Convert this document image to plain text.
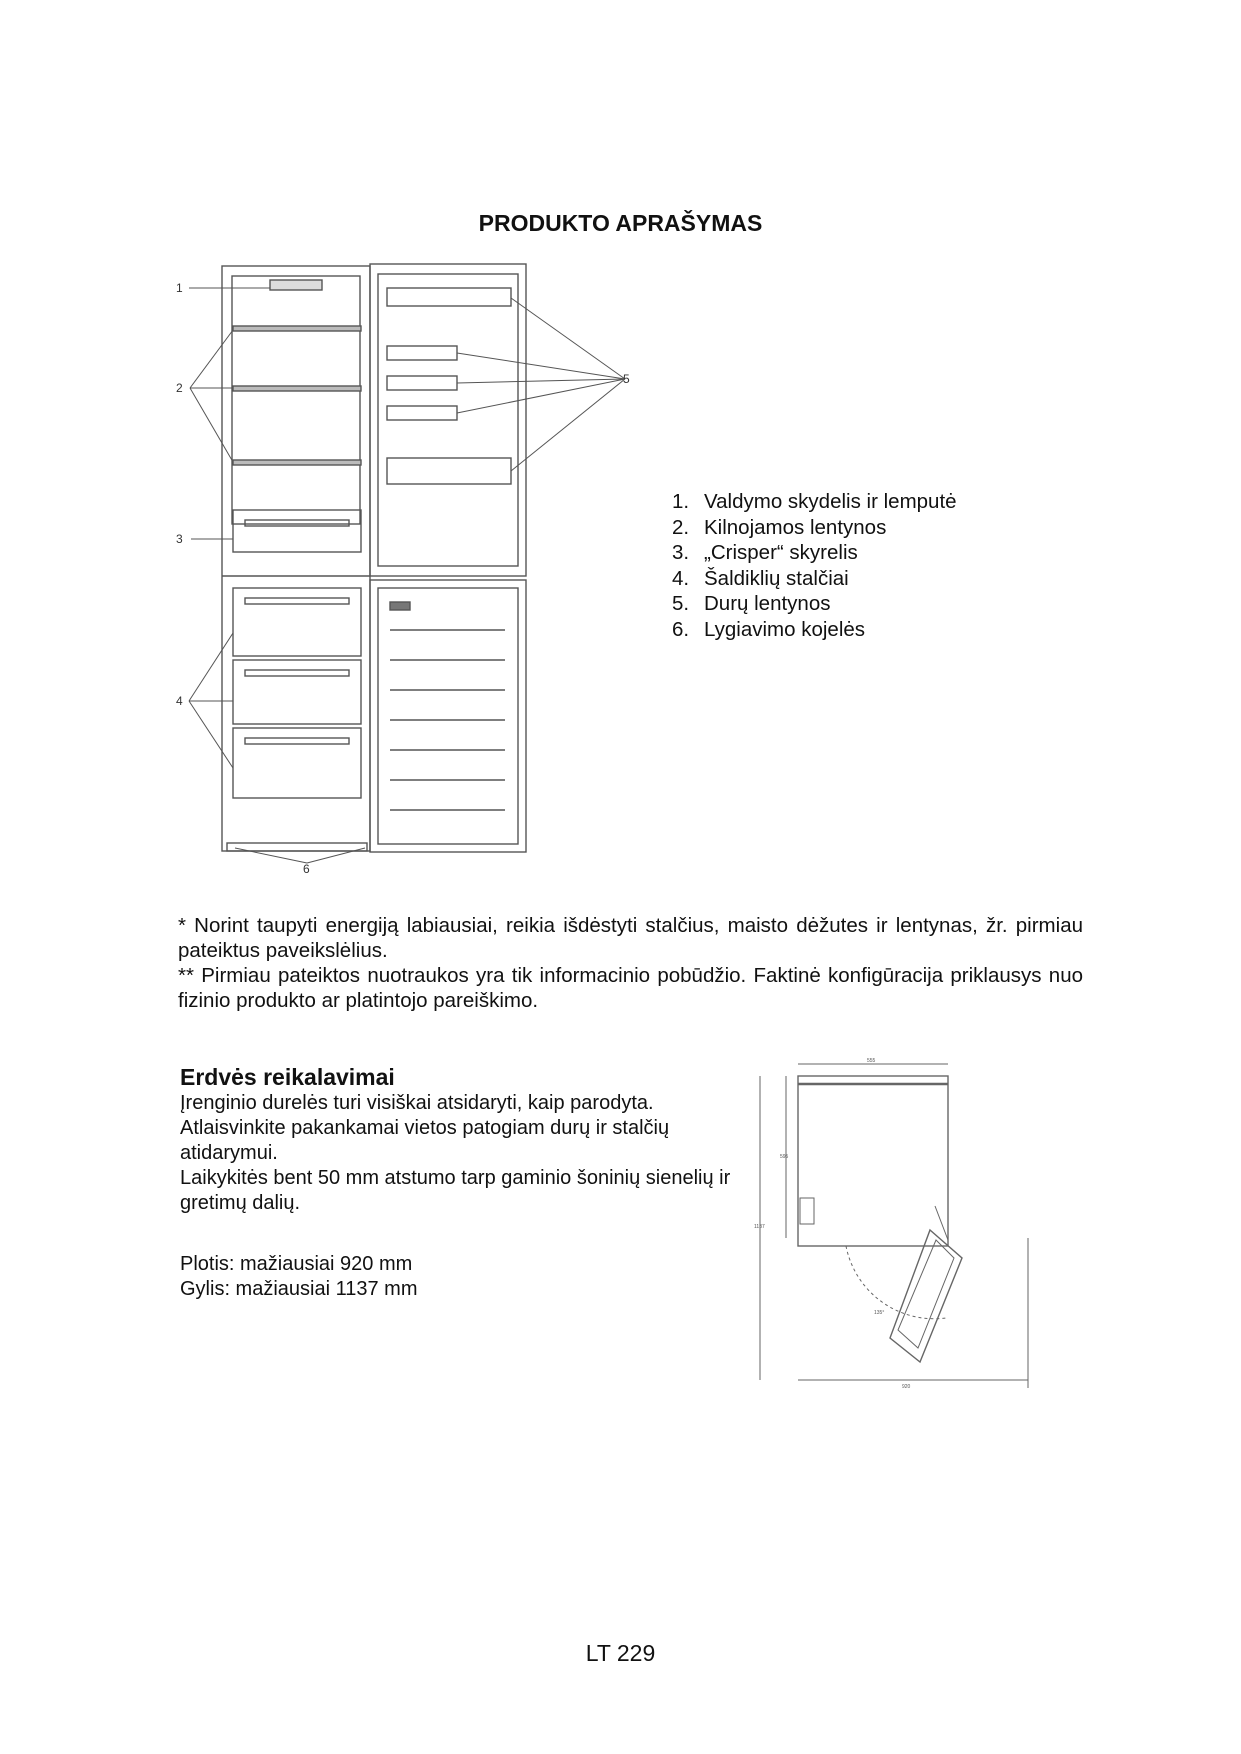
PRODUKTO APRAŠYMAS
1
2
3
4
5
6
1. Valdymo skydelis ir lemputė
2. Kilnojamos lentynos
3. „Crisper“ skyrelis
4. Šaldiklių stalčiai
5. Durų lentynos
6. Lygiavimo kojelės

* Norint taupyti energiją labiausiai, reikia išdėstyti stalčius, maisto dėžutes ir lentynas, žr. pirmiau pateiktus paveikslėlius.

** Pirmiau pateiktos nuotraukos yra tik informacinio pobūdžio. Faktinė konfigūracija priklausys nuo fizinio produkto ar platintojo pareiškimo.

Erdvės reikalavimai

Įrenginio durelės turi visiškai atsidaryti, kaip parodyta.

Atlaisvinkite pakankamai vietos patogiam durų ir stalčių atidarymui.

Laikykitės bent 50 mm atstumo tarp gaminio šoninių sienelių ir gretimų dalių.

Plotis: mažiausiai 920 mm

Gylis: mažiausiai 1137 mm

555
595
1137
135°
920
LT 229
